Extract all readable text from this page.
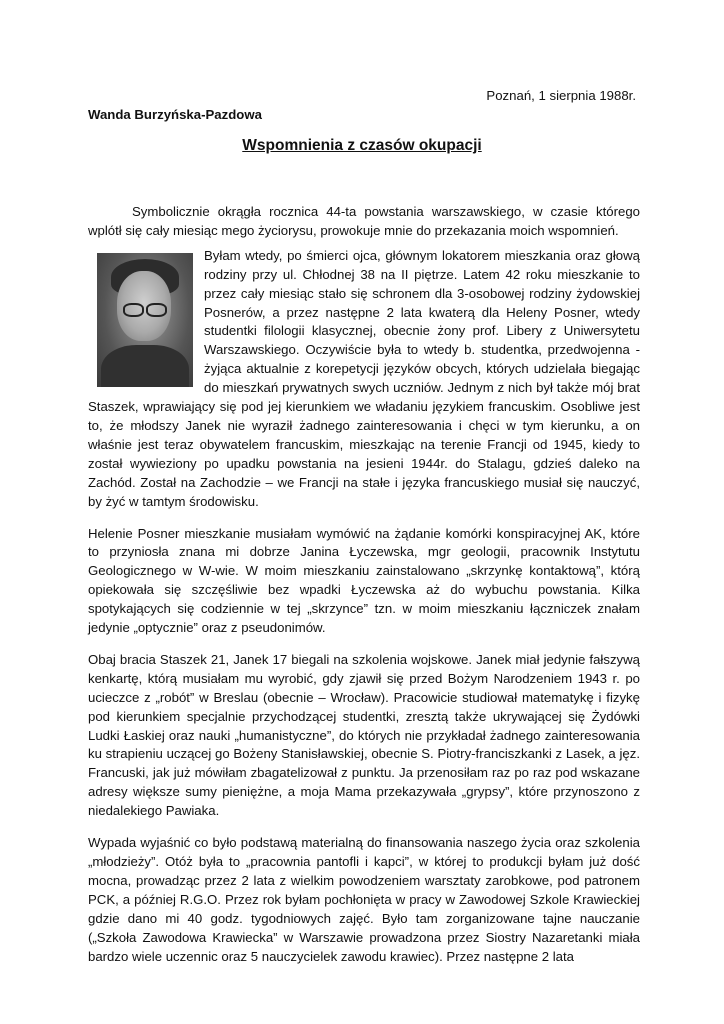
Poznań, 1 sierpnia 1988r.
Wanda Burzyńska-Pazdowa
Wspomnienia z czasów okupacji

Symbolicznie okrągła rocznica 44-ta powstania warszawskiego, w czasie którego wplótł się cały miesiąc mego życiorysu, prowokuje mnie do przekazania moich wspomnień.

Byłam wtedy, po śmierci ojca, głównym lokatorem mieszkania oraz głową rodziny przy ul. Chłodnej 38 na II piętrze. Latem 42 roku mieszkanie to przez cały miesiąc stało się schronem dla 3-osobowej rodziny żydowskiej Posnerów, a przez następne 2 lata kwaterą dla Heleny Posner, wtedy studentki filologii klasycznej, obecnie żony prof. Libery z Uniwersytetu Warszawskiego. Oczywiście była to wtedy b. studentka, przedwojenna - żyjąca aktualnie z korepetycji języków obcych, których udzielała biegając do mieszkań prywatnych swych uczniów. Jednym z nich był także mój brat Staszek, wprawiający się pod jej kierunkiem we władaniu językiem francuskim. Osobliwe jest to, że młodszy Janek nie wyraził żadnego zainteresowania i chęci w tym kierunku, a on właśnie jest teraz obywatelem francuskim, mieszkając na terenie Francji od 1945, kiedy to został wywieziony po upadku powstania na jesieni 1944r. do Stalagu, gdzieś daleko na Zachód. Został na Zachodzie – we Francji na stałe i języka francuskiego musiał się nauczyć, by żyć w tamtym środowisku.

Helenie Posner mieszkanie musiałam wymówić na żądanie komórki konspiracyjnej AK, które to przyniosła znana mi dobrze Janina Łyczewska, mgr geologii, pracownik Instytutu Geologicznego w W-wie. W moim mieszkaniu zainstalowano „skrzynkę kontaktową”, którą opiekowała się szczęśliwie bez wpadki Łyczewska aż do wybuchu powstania. Kilka spotykających się codziennie w tej „skrzynce” tzn. w moim mieszkaniu łączniczek znałam jedynie „optycznie” oraz z pseudonimów.

Obaj bracia Staszek 21, Janek 17 biegali na szkolenia wojskowe. Janek miał jedynie fałszywą kenkartę, którą musiałam mu wyrobić, gdy zjawił się przed Bożym Narodzeniem 1943 r. po ucieczce z „robót” w Breslau (obecnie – Wrocław). Pracowicie studiował matematykę i fizykę pod kierunkiem specjalnie przychodzącej studentki, zresztą także ukrywającej się Żydówki Ludki Łaskiej oraz nauki „humanistyczne”, do których nie przykładał żadnego zainteresowania ku strapieniu uczącej go Bożeny Stanisławskiej, obecnie S. Piotry-franciszkanki z Lasek, a jęz. Francuski, jak już mówiłam zbagatelizował z punktu. Ja przenosiłam raz po raz pod wskazane adresy większe sumy pieniężne, a moja Mama przekazywała „grypsy”, które przynoszono z niedalekiego Pawiaka.

Wypada wyjaśnić co było podstawą materialną do finansowania naszego życia oraz szkolenia „młodzieży”. Otóż była to „pracownia pantofli i kapci”, w której to produkcji byłam już dość mocna, prowadząc przez 2 lata z wielkim powodzeniem warsztaty zarobkowe, pod patronem PCK, a później R.G.O. Przez rok byłam pochłonięta w pracy w Zawodowej Szkole Krawieckiej gdzie dano mi 40 godz. tygodniowych zajęć. Było tam zorganizowane tajne nauczanie („Szkoła Zawodowa Krawiecka” w Warszawie prowadzona przez Siostry Nazaretanki miała bardzo wiele uczennic oraz 5 nauczycielek zawodu krawiec). Przez następne 2 lata
